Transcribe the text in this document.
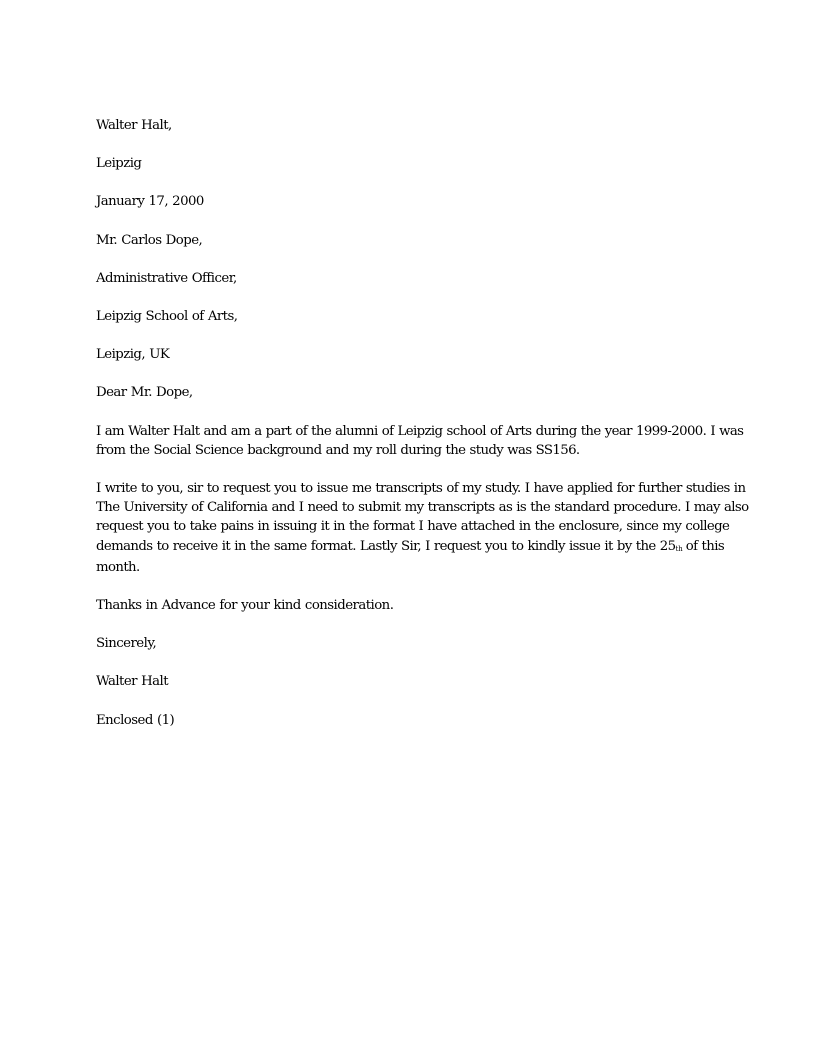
Walter Halt,

Leipzig

January 17, 2000

Mr. Carlos Dope,

Administrative Officer,

Leipzig School of Arts,

Leipzig, UK

Dear Mr. Dope,

I am Walter Halt and am a part of the alumni of Leipzig school of Arts during the year 1999-2000. I was
from the Social Science background and my roll during the study was SS156.
I write to you, sir to request you to issue me transcripts of my study. I have applied for further studies in
The University of California and I need to submit my transcripts as is the standard procedure. I may also
request you to take pains in issuing it in the format I have attached in the enclosure, since my college
demands to receive it in the same format. Lastly Sir, I request you to kindly issue it by the 25th of this
month.

Thanks in Advance for your kind consideration.

Sincerely,

Walter Halt

Enclosed (1)
